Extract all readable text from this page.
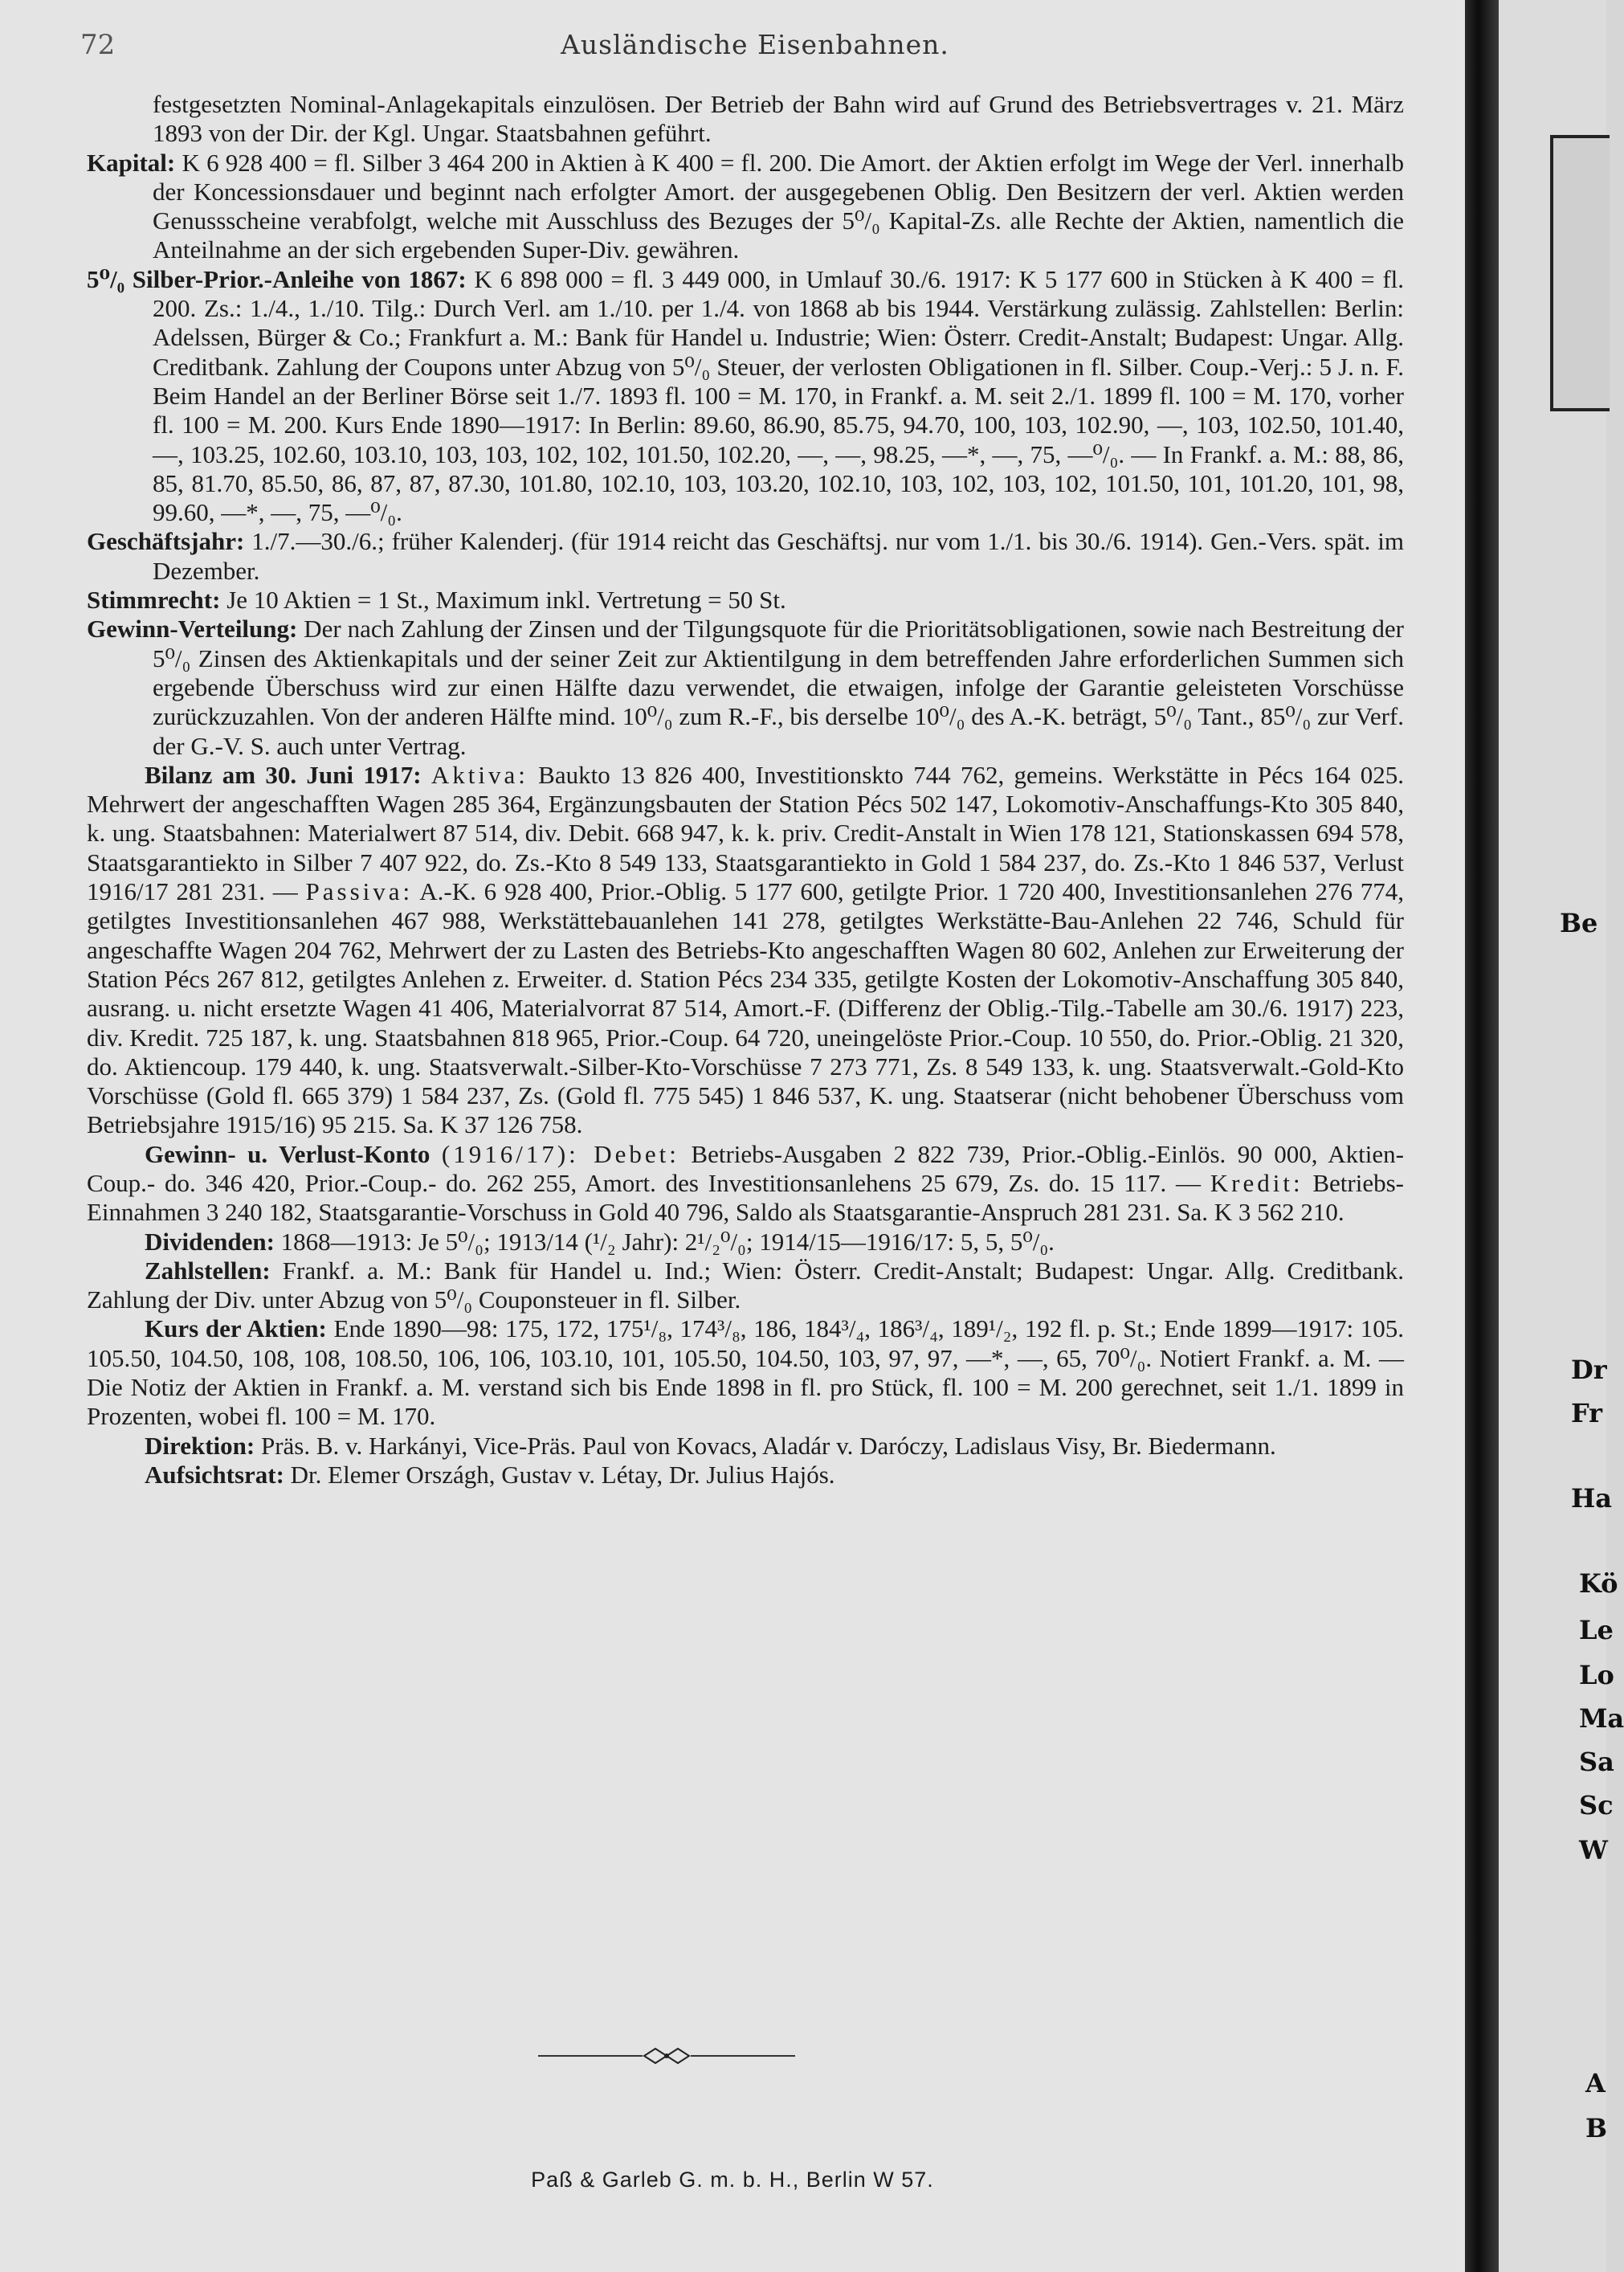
72	Ausländische Eisenbahnen.

festgesetzten Nominal-Anlagekapitals einzulösen. Der Betrieb der Bahn wird auf Grund des Betriebsvertrages v. 21. März 1893 von der Dir. der Kgl. Ungar. Staatsbahnen geführt.

Kapital: K 6 928 400 = fl. Silber 3 464 200 in Aktien à K 400 = fl. 200. Die Amort. der Aktien erfolgt im Wege der Verl. innerhalb der Koncessionsdauer und beginnt nach erfolgter Amort. der ausgegebenen Oblig. Den Besitzern der verl. Aktien werden Genussscheine verabfolgt, welche mit Ausschluss des Bezuges der 5⁰/₀ Kapital-Zs. alle Rechte der Aktien, namentlich die Anteilnahme an der sich ergebenden Super-Div. gewähren.

5⁰/₀ Silber-Prior.-Anleihe von 1867: K 6 898 000 = fl. 3 449 000, in Umlauf 30./6. 1917: K 5 177 600 in Stücken à K 400 = fl. 200. Zs.: 1./4., 1./10. Tilg.: Durch Verl. am 1./10. per 1./4. von 1868 ab bis 1944. Verstärkung zulässig. Zahlstellen: Berlin: Adelssen, Bürger & Co.; Frankfurt a. M.: Bank für Handel u. Industrie; Wien: Österr. Credit-Anstalt; Budapest: Ungar. Allg. Creditbank. Zahlung der Coupons unter Abzug von 5⁰/₀ Steuer, der verlosten Obligationen in fl. Silber. Coup.-Verj.: 5 J. n. F. Beim Handel an der Berliner Börse seit 1./7. 1893 fl. 100 = M. 170, in Frankf. a. M. seit 2./1. 1899 fl. 100 = M. 170, vorher fl. 100 = M. 200. Kurs Ende 1890—1917: In Berlin: 89.60, 86.90, 85.75, 94.70, 100, 103, 102.90, —, 103, 102.50, 101.40, —, 103.25, 102.60, 103.10, 103, 103, 102, 102, 101.50, 102.20, —, —, 98.25, —*, —, 75, —⁰/₀. — In Frankf. a. M.: 88, 86, 85, 81.70, 85.50, 86, 87, 87, 87.30, 101.80, 102.10, 103, 103.20, 102.10, 103, 102, 103, 102, 101.50, 101, 101.20, 101, 98, 99.60, —*, —, 75, —⁰/₀.

Geschäftsjahr: 1./7.—30./6.; früher Kalenderj. (für 1914 reicht das Geschäftsj. nur vom 1./1. bis 30./6. 1914). Gen.-Vers. spät. im Dezember.

Stimmrecht: Je 10 Aktien = 1 St., Maximum inkl. Vertretung = 50 St.

Gewinn-Verteilung: Der nach Zahlung der Zinsen und der Tilgungsquote für die Prioritätsobligationen, sowie nach Bestreitung der 5⁰/₀ Zinsen des Aktienkapitals und der seiner Zeit zur Aktientilgung in dem betreffenden Jahre erforderlichen Summen sich ergebende Überschuss wird zur einen Hälfte dazu verwendet, die etwaigen, infolge der Garantie geleisteten Vorschüsse zurückzuzahlen. Von der anderen Hälfte mind. 10⁰/₀ zum R.-F., bis derselbe 10⁰/₀ des A.-K. beträgt, 5⁰/₀ Tant., 85⁰/₀ zur Verf. der G.-V. S. auch unter Vertrag.

Bilanz am 30. Juni 1917: Aktiva: Baukto 13 826 400, Investitionskto 744 762, gemeins. Werkstätte in Pécs 164 025. Mehrwert der angeschafften Wagen 285 364, Ergänzungsbauten der Station Pécs 502 147, Lokomotiv-Anschaffungs-Kto 305 840, k. ung. Staatsbahnen: Materialwert 87 514, div. Debit. 668 947, k. k. priv. Credit-Anstalt in Wien 178 121, Stationskassen 694 578, Staatsgarantiekto in Silber 7 407 922, do. Zs.-Kto 8 549 133, Staatsgarantiekto in Gold 1 584 237, do. Zs.-Kto 1 846 537, Verlust 1916/17 281 231. — Passiva: A.-K. 6 928 400, Prior.-Oblig. 5 177 600, getilgte Prior. 1 720 400, Investitionsanlehen 276 774, getilgtes Investitionsanlehen 467 988, Werkstättebauanlehen 141 278, getilgtes Werkstätte-Bau-Anlehen 22 746, Schuld für angeschaffte Wagen 204 762, Mehrwert der zu Lasten des Betriebs-Kto angeschafften Wagen 80 602, Anlehen zur Erweiterung der Station Pécs 267 812, getilgtes Anlehen z. Erweiter. d. Station Pécs 234 335, getilgte Kosten der Lokomotiv-Anschaffung 305 840, ausrang. u. nicht ersetzte Wagen 41 406, Materialvorrat 87 514, Amort.-F. (Differenz der Oblig.-Tilg.-Tabelle am 30./6. 1917) 223, div. Kredit. 725 187, k. ung. Staatsbahnen 818 965, Prior.-Coup. 64 720, uneingelöste Prior.-Coup. 10 550, do. Prior.-Oblig. 21 320, do. Aktiencoup. 179 440, k. ung. Staatsverwalt.-Silber-Kto-Vorschüsse 7 273 771, Zs. 8 549 133, k. ung. Staatsverwalt.-Gold-Kto Vorschüsse (Gold fl. 665 379) 1 584 237, Zs. (Gold fl. 775 545) 1 846 537, K. ung. Staatserar (nicht behobener Überschuss vom Betriebsjahre 1915/16) 95 215. Sa. K 37 126 758.

Gewinn- u. Verlust-Konto (1916/17): Debet: Betriebs-Ausgaben 2 822 739, Prior.-Oblig.-Einlös. 90 000, Aktien-Coup.- do. 346 420, Prior.-Coup.- do. 262 255, Amort. des Investitionsanlehens 25 679, Zs. do. 15 117. — Kredit: Betriebs-Einnahmen 3 240 182, Staatsgarantie-Vorschuss in Gold 40 796, Saldo als Staatsgarantie-Anspruch 281 231. Sa. K 3 562 210.

Dividenden: 1868—1913: Je 5⁰/₀; 1913/14 (¹/₂ Jahr): 2¹/₂⁰/₀; 1914/15—1916/17: 5, 5, 5⁰/₀.

Zahlstellen: Frankf. a. M.: Bank für Handel u. Ind.; Wien: Österr. Credit-Anstalt; Budapest: Ungar. Allg. Creditbank. Zahlung der Div. unter Abzug von 5⁰/₀ Couponsteuer in fl. Silber.

Kurs der Aktien: Ende 1890—98: 175, 172, 175¹/₈, 174³/₈, 186, 184³/₄, 186³/₄, 189¹/₂, 192 fl. p. St.; Ende 1899—1917: 105. 105.50, 104.50, 108, 108, 108.50, 106, 106, 103.10, 101, 105.50, 104.50, 103, 97, 97, —*, —, 65, 70⁰/₀. Notiert Frankf. a. M. — Die Notiz der Aktien in Frankf. a. M. verstand sich bis Ende 1898 in fl. pro Stück, fl. 100 = M. 200 gerechnet, seit 1./1. 1899 in Prozenten, wobei fl. 100 = M. 170.

Direktion: Präs. B. v. Harkányi, Vice-Präs. Paul von Kovacs, Aladár v. Daróczy, Ladislaus Visy, Br. Biedermann.

Aufsichtsrat: Dr. Elemer Országh, Gustav v. Létay, Dr. Julius Hajós.

Paß & Garleb G. m. b. H., Berlin W 57.
Be
Dr
Fr
Ha
Kö
Le
Lo
Ma
Sa
Sc
W
A
B
